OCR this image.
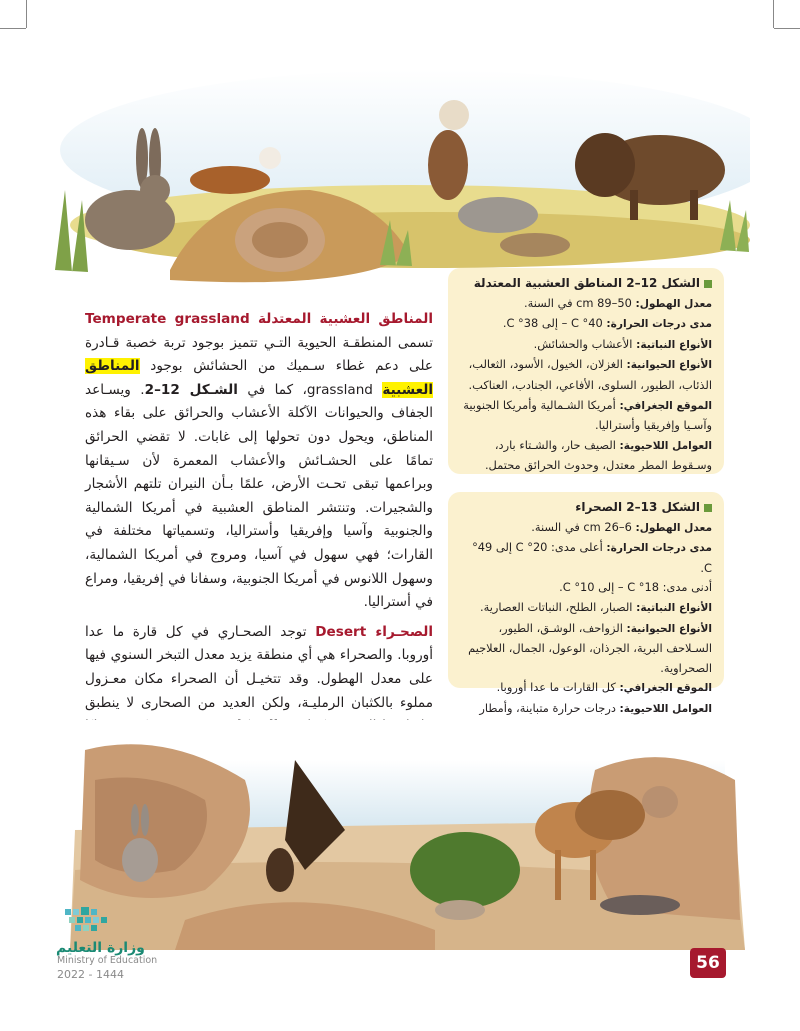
المناطق العشبية المعتدلة Temperate grassland تسمى المنطقـة الحيوية التـي تتميز بوجود تربة خصبة قـادرة على دعم غطاء سـميك من الحشائش بوجود المناطق العشبية grassland، كما في الشـكل 12–2. ويسـاعد الجفاف والحيوانات الآكلة الأعشاب والحرائق على بقاء هذه المناطق، ويحول دون تحولها إلى غابات. لا تقضي الحرائق تمامًا على الحشـائش والأعشاب المعمرة لأن سـيقانها وبراعمها تبقى تحـت الأرض، علمًا بـأن النيران تلتهم الأشجار والشجيرات. وتنتشر المناطق العشبية في أمريكا الشمالية والجنوبية وآسيا وإفريقيا وأستراليا، وتسمياتها مختلفة في القارات؛ فهي سهول في آسيا، ومروج في أمريكا الشمالية، وسهول اللانوس في أمريكا الجنوبية، وسفانا في إفريقيا، ومراع في أستراليا.

الصحـراء Desert توجد الصحـاري في كل قارة ما عدا أوروبا. والصحراء هي أي منطقة يزيد معدل التبخر السنوي فيها على معدل الهطول. وقد تتخيـل أن الصحراء مكان معـزول مملوء بالكثبان الرمليـة، ولكن العديد من الصحارى لا ينطبق

الشكل 12–2 المناطق العشبية المعتدلة

معدل الهطول: 50–89 cm في السنة.

مدى درجات الحرارة: 40° C – إلى 38° C.

الأنواع النباتية: الأعشاب والحشائش.

الأنواع الحيوانية: الغزلان، الخيول، الأسود، الثعالب، الذئاب، الطيور، السلوى، الأفاعي، الجنادب، العناكب.

الموقع الجغرافي: أمريكا الشـمالية وأمريكا الجنوبية وآسـيا وإفريقيا وأستراليا.

العوامل اللاحيوية: الصيف حار، والشـتاء بارد، وسـقوط المطر معتدل، وحدوث الحرائق محتمل.

الشكل 13–2 الصحراء

معدل الهطول: 6–26 cm في السنة.

مدى درجات الحرارة: أعلى مدى: 20° C إلى 49° C.

أدنى مدى: 18° C – إلى 10° C.

الأنواع النباتية: الصبار، الطلح، النباتات العصارية.

الأنواع الحيوانية: الزواحف، الوشـق، الطيور، السـلاحف البرية، الجرذان، الوعول، الجمال، العلاجيم الصحراوية.

الموقع الجغرافي: كل القارات ما عدا أوروبا.

العوامل اللاحيوية: درجات حرارة متباينة، وأمطار

وزارة التعليم
Ministry of Education
2022 - 1444
56
